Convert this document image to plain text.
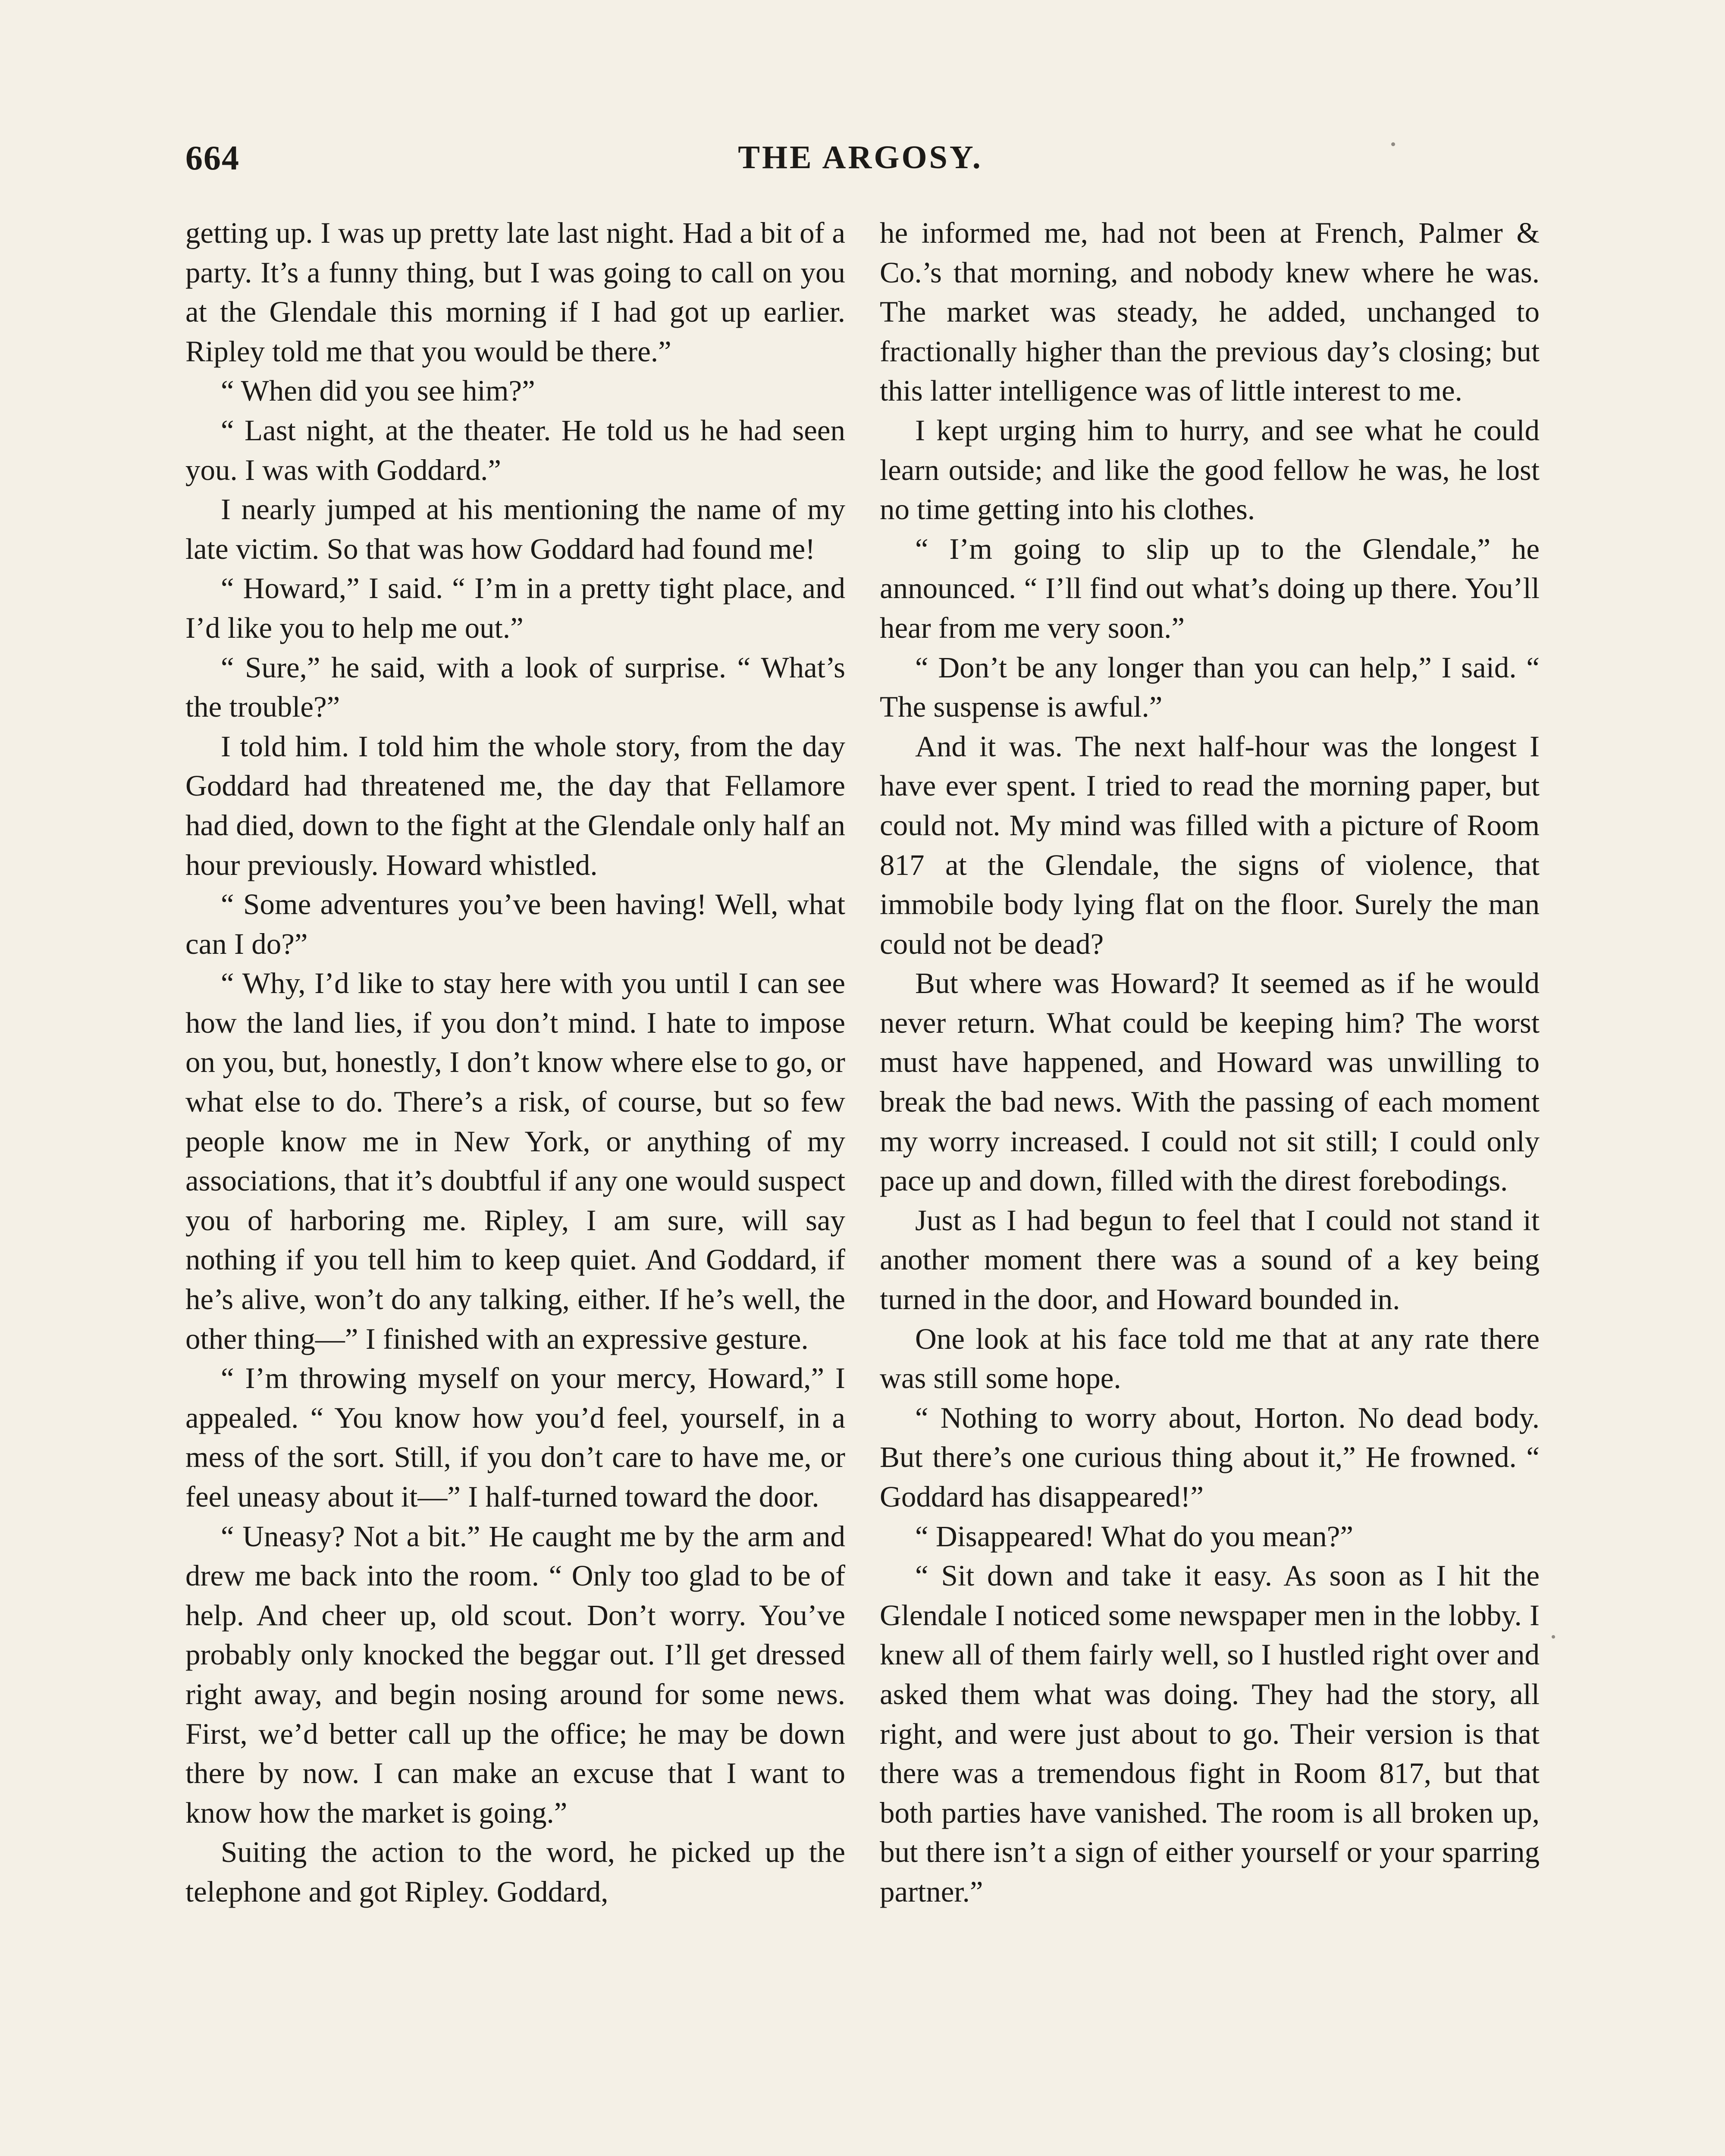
664	THE ARGOSY.

getting up. I was up pretty late last night. Had a bit of a party. It’s a funny thing, but I was going to call on you at the Glendale this morning if I had got up earlier. Ripley told me that you would be there.”

“ When did you see him?”

“ Last night, at the theater. He told us he had seen you. I was with Goddard.”

I nearly jumped at his mentioning the name of my late victim. So that was how Goddard had found me!

“ Howard,” I said. “ I’m in a pretty tight place, and I’d like you to help me out.”

“ Sure,” he said, with a look of surprise. “ What’s the trouble?”

I told him. I told him the whole story, from the day Goddard had threatened me, the day that Fellamore had died, down to the fight at the Glendale only half an hour previously. Howard whistled.

“ Some adventures you’ve been having! Well, what can I do?”

“ Why, I’d like to stay here with you until I can see how the land lies, if you don’t mind. I hate to impose on you, but, honestly, I don’t know where else to go, or what else to do. There’s a risk, of course, but so few people know me in New York, or anything of my associations, that it’s doubtful if any one would suspect you of harboring me. Ripley, I am sure, will say nothing if you tell him to keep quiet. And Goddard, if he’s alive, won’t do any talking, either. If he’s well, the other thing—” I finished with an expressive gesture.

“ I’m throwing myself on your mercy, Howard,” I appealed. “ You know how you’d feel, yourself, in a mess of the sort. Still, if you don’t care to have me, or feel uneasy about it—” I half-turned toward the door.

“ Uneasy? Not a bit.” He caught me by the arm and drew me back into the room. “ Only too glad to be of help. And cheer up, old scout. Don’t worry. You’ve probably only knocked the beggar out. I’ll get dressed right away, and begin nosing around for some news. First, we’d better call up the office; he may be down there by now. I can make an excuse that I want to know how the market is going.”

Suiting the action to the word, he picked up the telephone and got Ripley. Goddard,

he informed me, had not been at French, Palmer & Co.’s that morning, and nobody knew where he was. The market was steady, he added, unchanged to fractionally higher than the previous day’s closing; but this latter intelligence was of little interest to me.

I kept urging him to hurry, and see what he could learn outside; and like the good fellow he was, he lost no time getting into his clothes.

“ I’m going to slip up to the Glendale,” he announced. “ I’ll find out what’s doing up there. You’ll hear from me very soon.”

“ Don’t be any longer than you can help,” I said. “ The suspense is awful.”

And it was. The next half-hour was the longest I have ever spent. I tried to read the morning paper, but could not. My mind was filled with a picture of Room 817 at the Glendale, the signs of violence, that immobile body lying flat on the floor. Surely the man could not be dead?

But where was Howard? It seemed as if he would never return. What could be keeping him? The worst must have happened, and Howard was unwilling to break the bad news. With the passing of each moment my worry increased. I could not sit still; I could only pace up and down, filled with the direst forebodings.

Just as I had begun to feel that I could not stand it another moment there was a sound of a key being turned in the door, and Howard bounded in.

One look at his face told me that at any rate there was still some hope.

“ Nothing to worry about, Horton. No dead body. But there’s one curious thing about it,” He frowned. “ Goddard has disappeared!”

“ Disappeared! What do you mean?”

“ Sit down and take it easy. As soon as I hit the Glendale I noticed some newspaper men in the lobby. I knew all of them fairly well, so I hustled right over and asked them what was doing. They had the story, all right, and were just about to go. Their version is that there was a tremendous fight in Room 817, but that both parties have vanished. The room is all broken up, but there isn’t a sign of either yourself or your sparring partner.”
